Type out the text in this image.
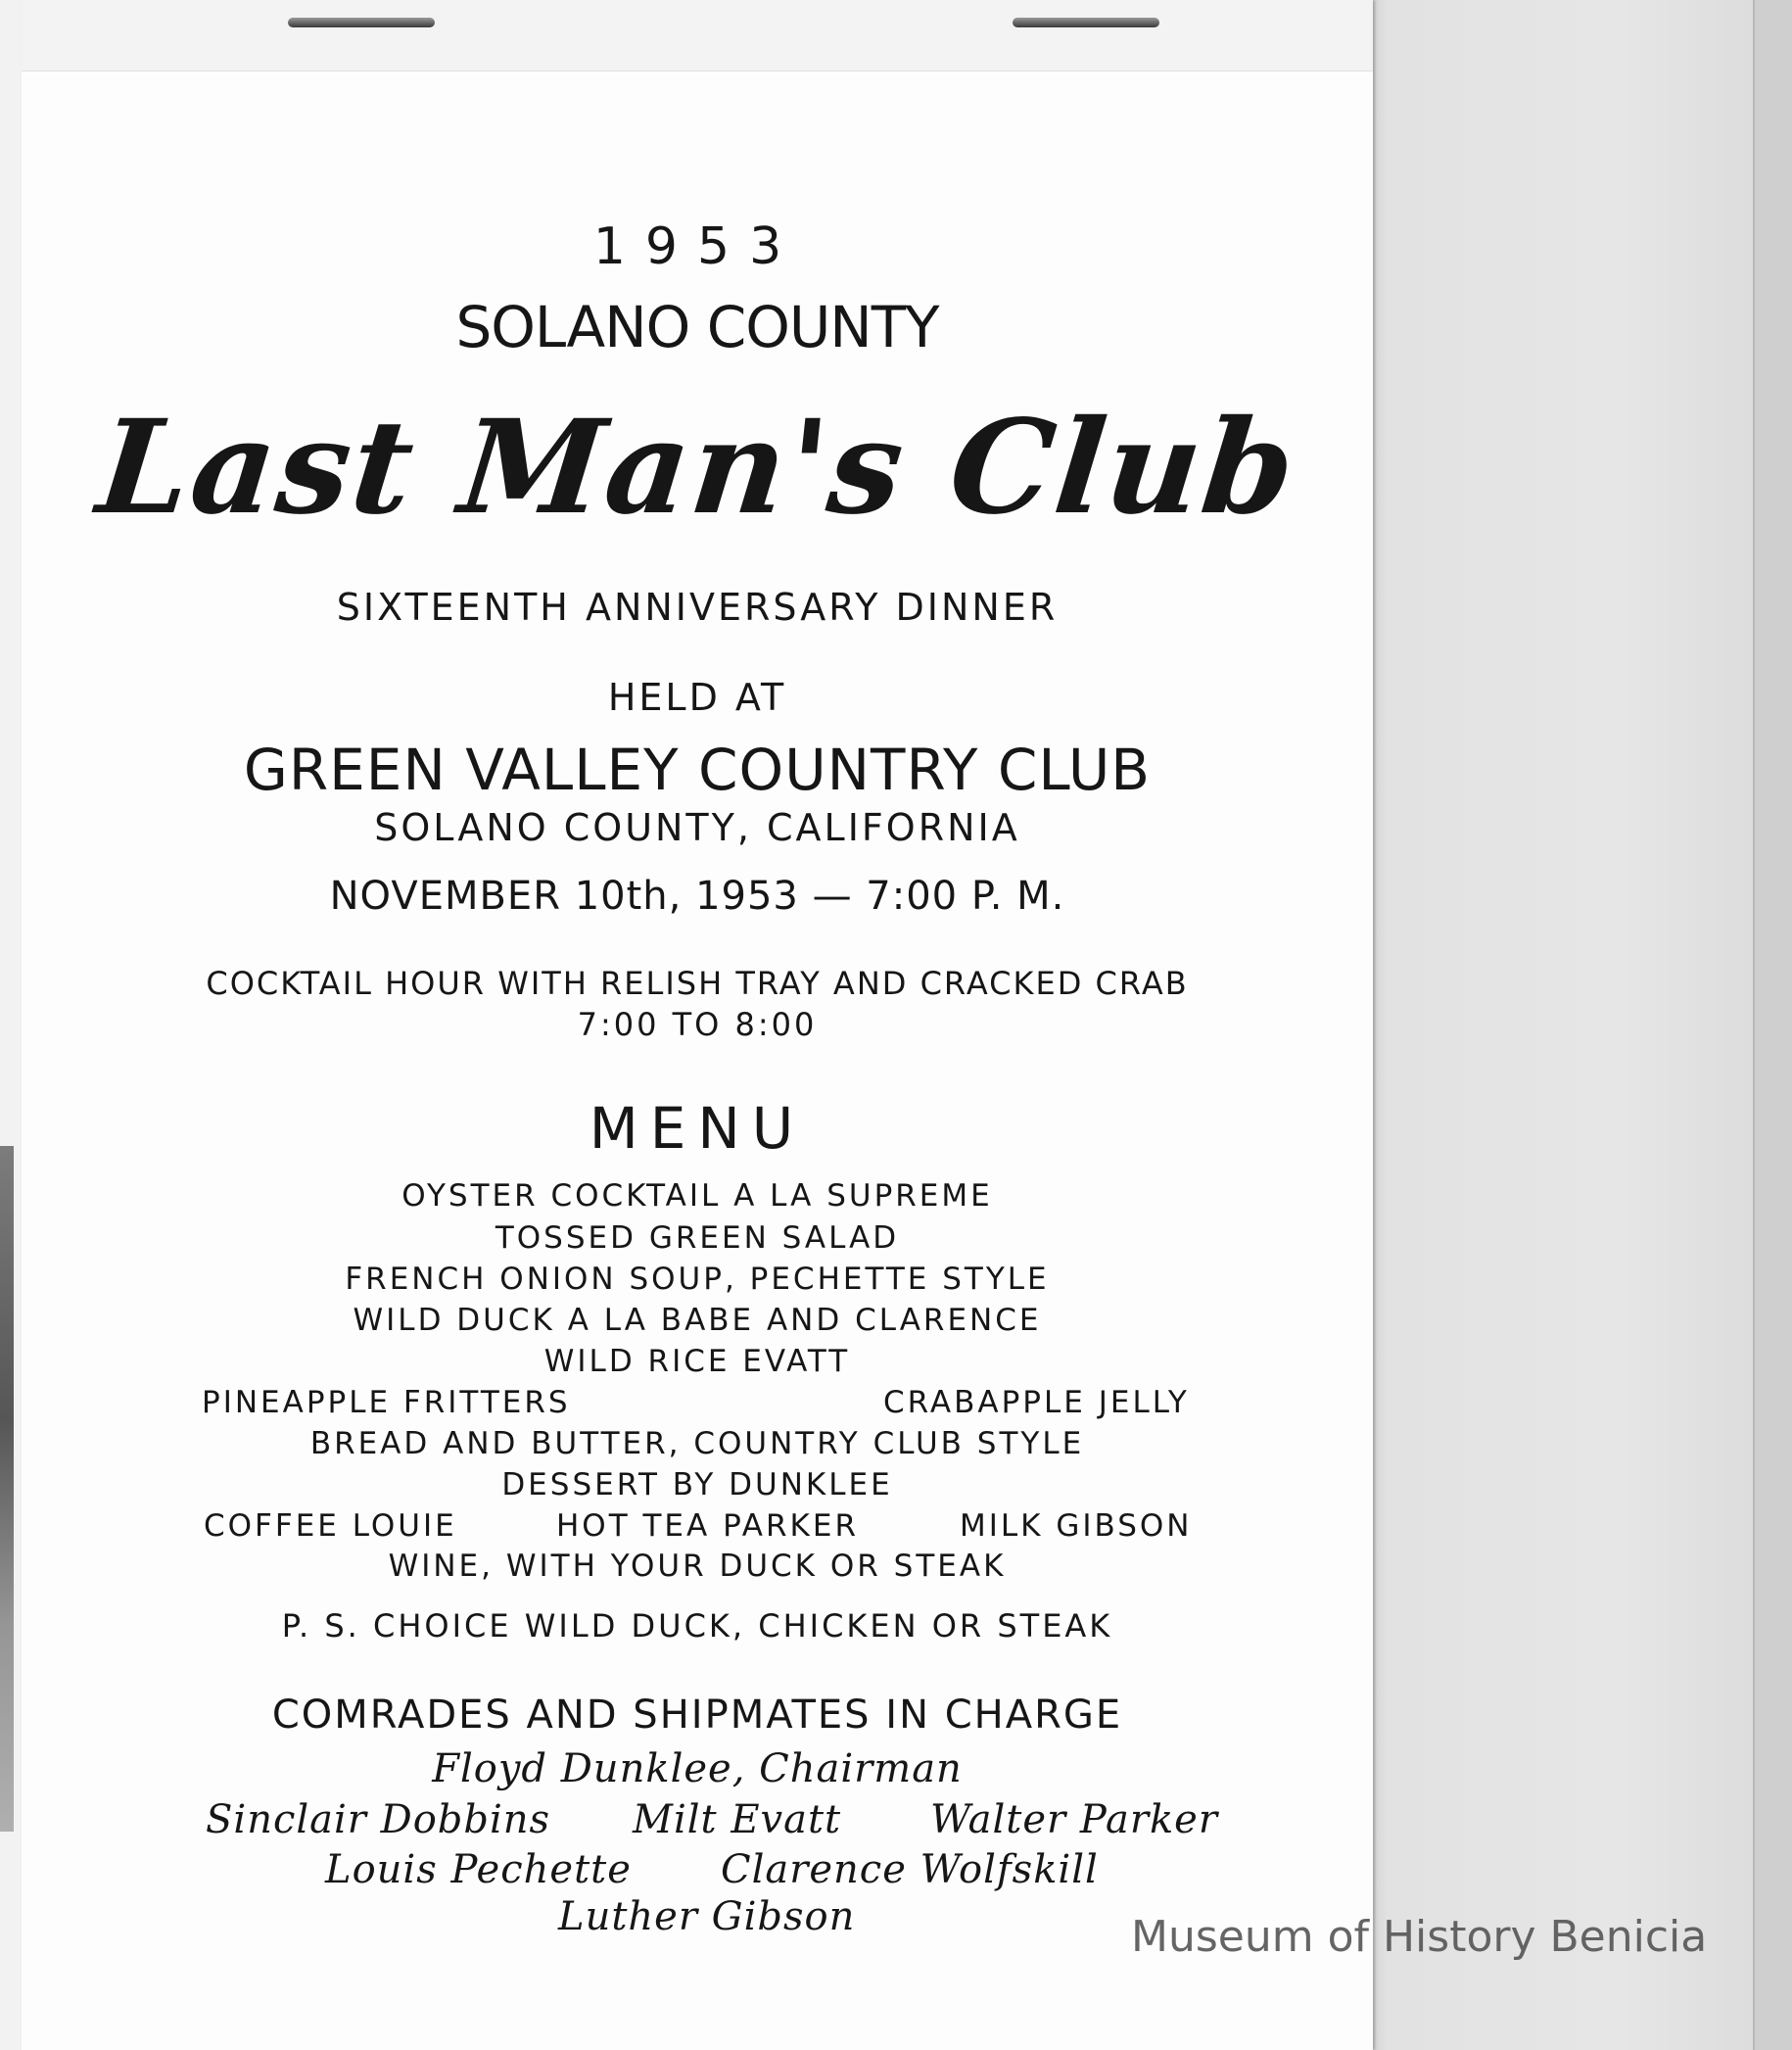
1953
SOLANO COUNTY
Last Man's Club
SIXTEENTH ANNIVERSARY DINNER
HELD AT
GREEN VALLEY COUNTRY CLUB
SOLANO COUNTY, CALIFORNIA
NOVEMBER 10th, 1953 — 7:00 P. M.
COCKTAIL HOUR WITH RELISH TRAY AND CRACKED CRAB
7:00 TO 8:00
MENU
OYSTER COCKTAIL A LA SUPREME
TOSSED GREEN SALAD
FRENCH ONION SOUP, PECHETTE STYLE
WILD DUCK A LA BABE AND CLARENCE
WILD RICE EVATT
PINEAPPLE FRITTERS	CRABAPPLE JELLY
BREAD AND BUTTER, COUNTRY CLUB STYLE
DESSERT BY DUNKLEE
COFFEE LOUIE	HOT TEA PARKER	MILK GIBSON
WINE, WITH YOUR DUCK OR STEAK
P. S. CHOICE WILD DUCK, CHICKEN OR STEAK
COMRADES AND SHIPMATES IN CHARGE
Floyd Dunklee, Chairman
Sinclair Dobbins Milt Evatt Walter Parker
Louis Pechette Clarence Wolfskill
Luther Gibson	Museum of History Benicia
